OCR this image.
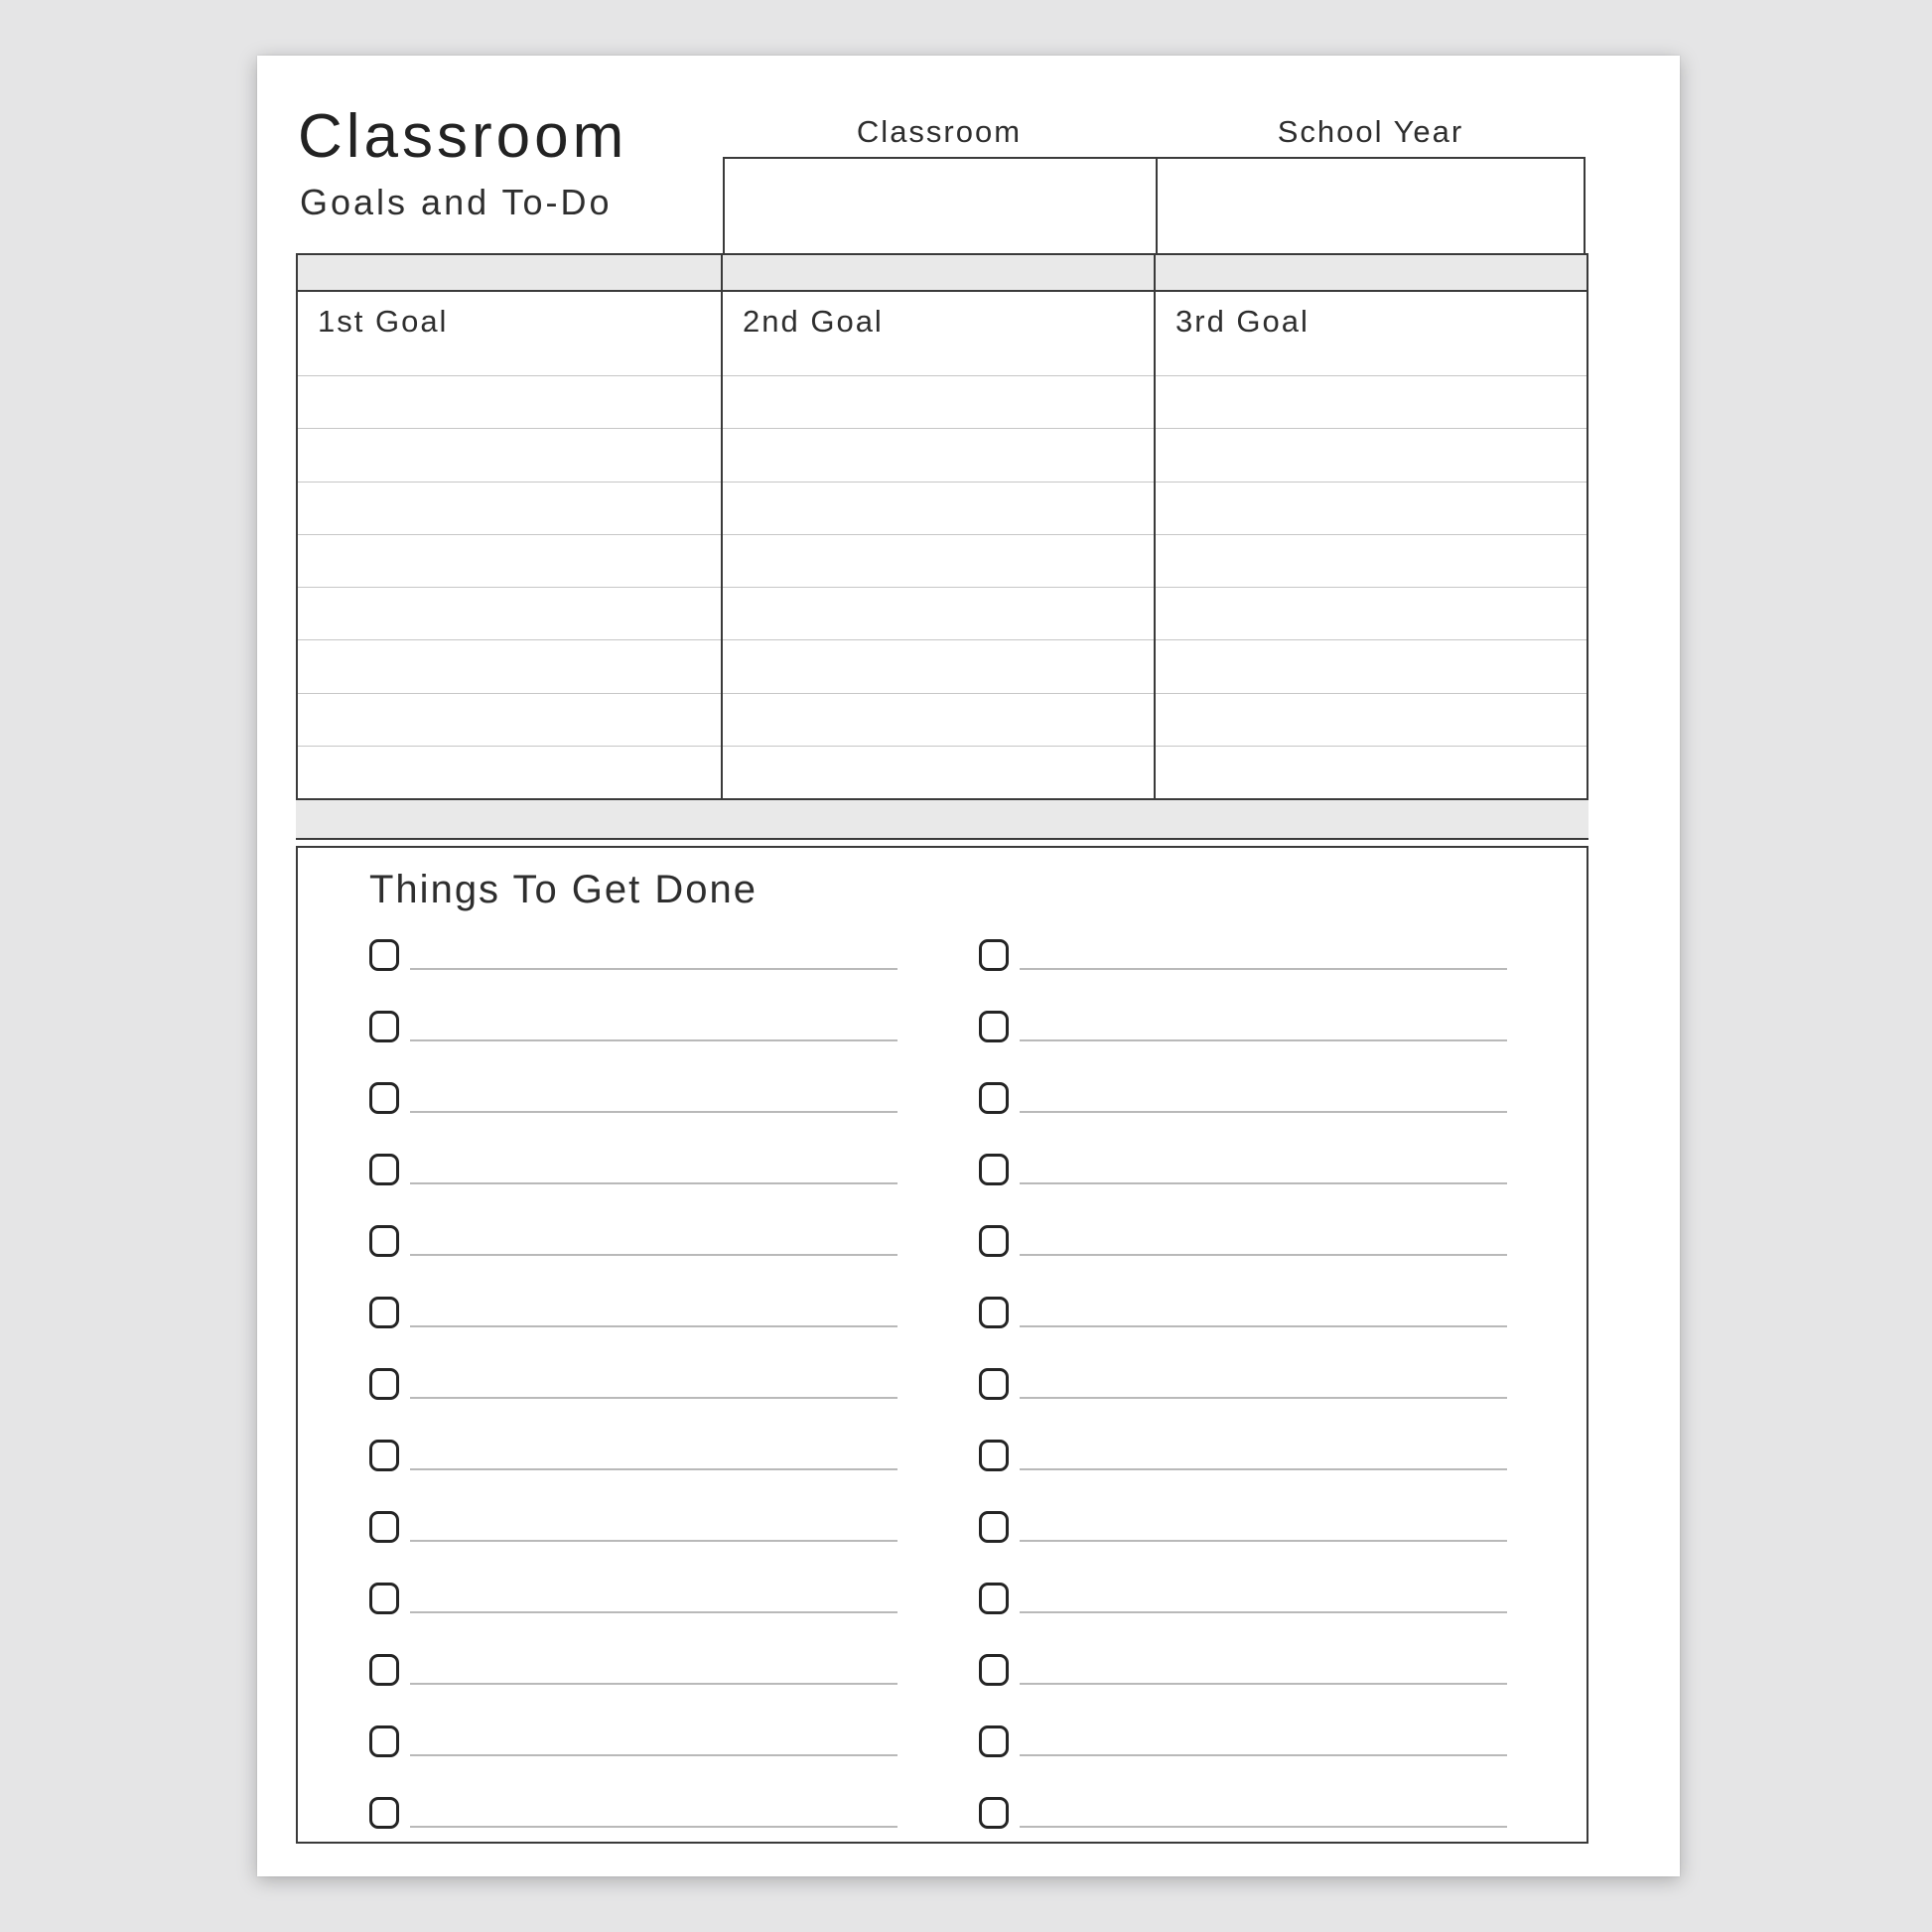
Classroom
Goals and To-Do
Classroom	School Year
1st Goal	2nd Goal	3rd Goal
Things To Get Done
